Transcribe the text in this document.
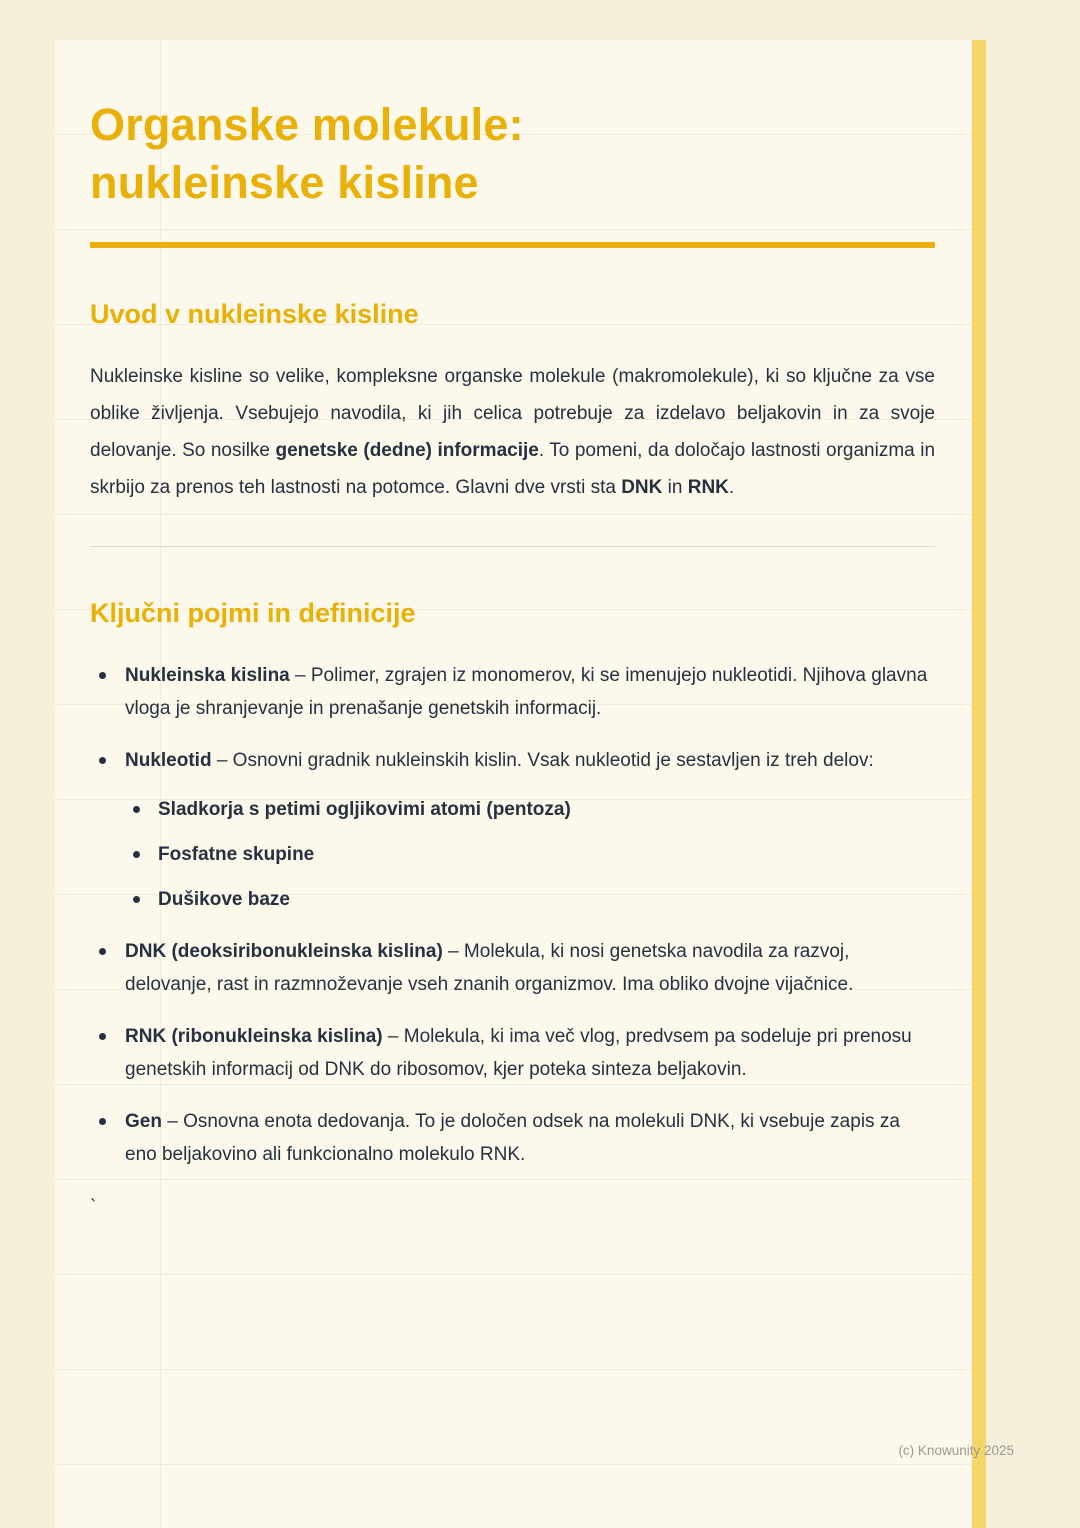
Organske molekule:
nukleinske kisline
Uvod v nukleinske kisline

Nukleinske kisline so velike, kompleksne organske molekule (makromolekule), ki so ključne za vse oblike življenja. Vsebujejo navodila, ki jih celica potrebuje za izdelavo beljakovin in za svoje delovanje. So nosilke genetske (dedne) informacije. To pomeni, da določajo lastnosti organizma in skrbijo za prenos teh lastnosti na potomce. Glavni dve vrsti sta DNK in RNK.

Ključni pojmi in definicije
Nukleinska kislina – Polimer, zgrajen iz monomerov, ki se imenujejo nukleotidi. Njihova glavna vloga je shranjevanje in prenašanje genetskih informacij.
Nukleotid – Osnovni gradnik nukleinskih kislin. Vsak nukleotid je sestavljen iz treh delov:
Sladkorja s petimi ogljikovimi atomi (pentoza)
Fosfatne skupine
Dušikove baze
DNK (deoksiribonukleinska kislina) – Molekula, ki nosi genetska navodila za razvoj, delovanje, rast in razmnoževanje vseh znanih organizmov. Ima obliko dvojne vijačnice.
RNK (ribonukleinska kislina) – Molekula, ki ima več vlog, predvsem pa sodeluje pri prenosu genetskih informacij od DNK do ribosomov, kjer poteka sinteza beljakovin.
Gen – Osnovna enota dedovanja. To je določen odsek na molekuli DNK, ki vsebuje zapis za eno beljakovino ali funkcionalno molekulo RNK.
`
(c) Knowunity 2025
